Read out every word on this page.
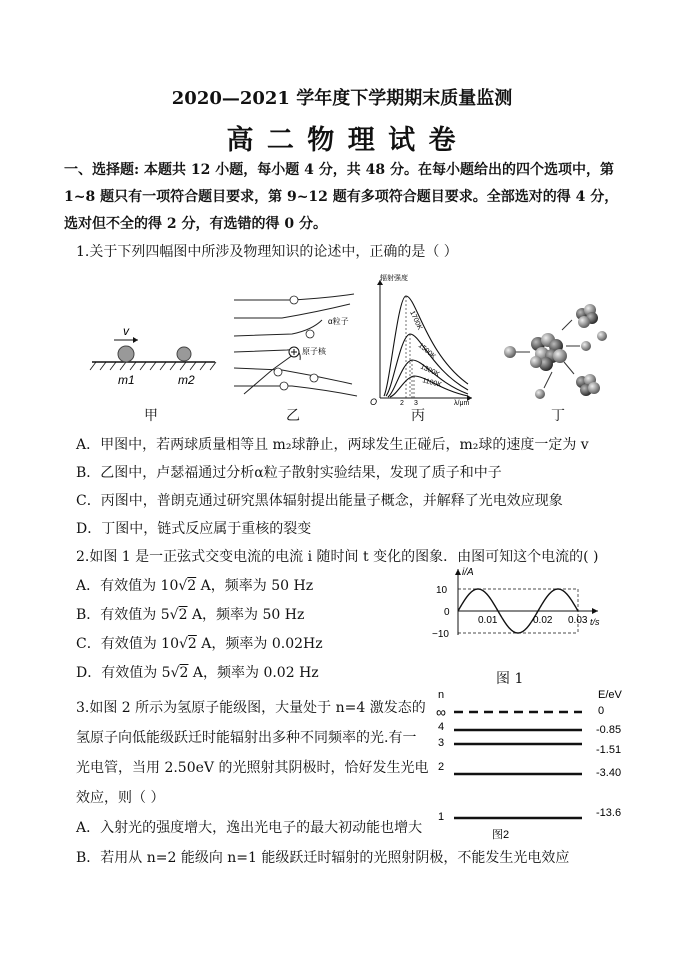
2020—2021 学年度下学期期末质量监测
高 二 物 理 试 卷
一、选择题: 本题共 12 小题，每小题 4 分，共 48 分。在每小题给出的四个选项中，第
1~8 题只有一项符合题目要求，第 9~12 题有多项符合题目要求。全部选对的得 4 分，
选对但不全的得 2 分，有选错的得 0 分。
1.关于下列四幅图中所涉及物理知识的论述中，正确的是（ ）
v
m1	m2
甲
α粒子
原子核
乙
辐射强度
O	λ/μm
2 3
1700K
1500K
1300K
1100K
丙	丁
A．甲图中，若两球质量相等且 m₂球静止，两球发生正碰后，m₂球的速度一定为 v
B．乙图中，卢瑟福通过分析α粒子散射实验结果，发现了质子和中子
C．丙图中，普朗克通过研究黑体辐射提出能量子概念，并解释了光电效应现象
D．丁图中，链式反应属于重核的裂变
2.如图 1 是一正弦式交变电流的电流 i 随时间 t 变化的图象．由图可知这个电流的( )
A．有效值为 10√2 A，频率为 50 Hz
B．有效值为 5√2 A，频率为 50 Hz
C．有效值为 10√2 A，频率为 0.02Hz
D．有效值为 5√2 A，频率为 0.02 Hz
i/A
t/s
10
0
−10
0.01	0.02 0.03
图 1
3.如图 2 所示为氢原子能级图，大量处于 n=4 激发态的
氢原子向低能级跃迁时能辐射出多种不同频率的光.有一
光电管，当用 2.50eV 的光照射其阴极时，恰好发生光电
效应，则（ ）
A．入射光的强度增大，逸出光电子的最大初动能也增大
B．若用从 n=2 能级向 n=1 能级跃迁时辐射的光照射阴极，不能发生光电效应
n	E/eV
∞	0
4	-0.85
3
-1.51
2	-3.40
1	-13.6
图2
